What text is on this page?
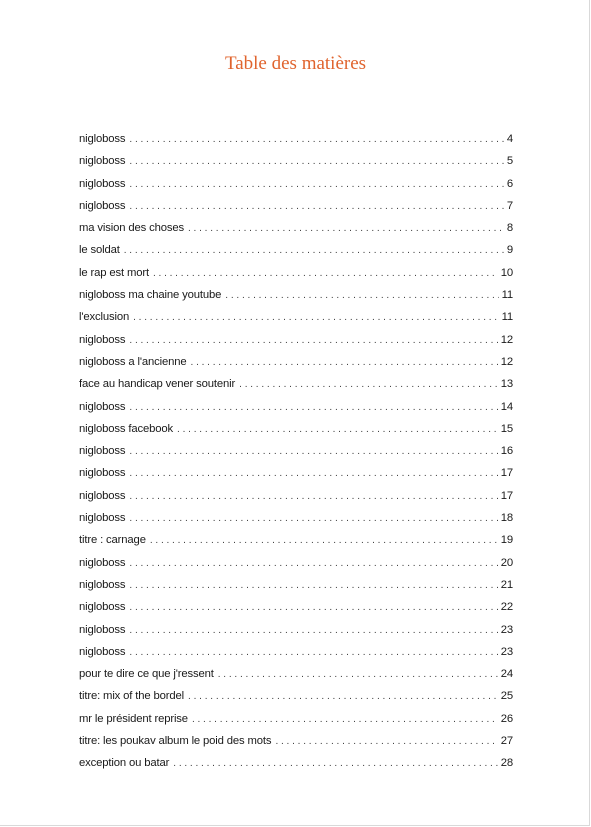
Table des matières
nigloboss . . .	4
nigloboss . . .	5
nigloboss . . .	6
nigloboss . . .	7
ma vision des choses . . .	8
le soldat . . .	9
le rap est mort . . .	10
nigloboss ma chaine youtube . . .	11
l'exclusion . . .	11
nigloboss . . .	12
nigloboss a l'ancienne . . .	12
face au handicap vener soutenir . . .	13
nigloboss . . .	14
nigloboss facebook . . .	15
nigloboss . . .	16
nigloboss . . .	17
nigloboss . . .	17
nigloboss . . .	18
titre : carnage . . .	19
nigloboss . . .	20
nigloboss . . .	21
nigloboss . . .	22
nigloboss . . .	23
nigloboss . . .	23
pour te dire ce que j'ressent . . .	24
titre: mix of the bordel . . .	25
mr le président reprise . . .	26
titre: les poukav album le poid des mots . . .	27
exception ou batar . . .	28
